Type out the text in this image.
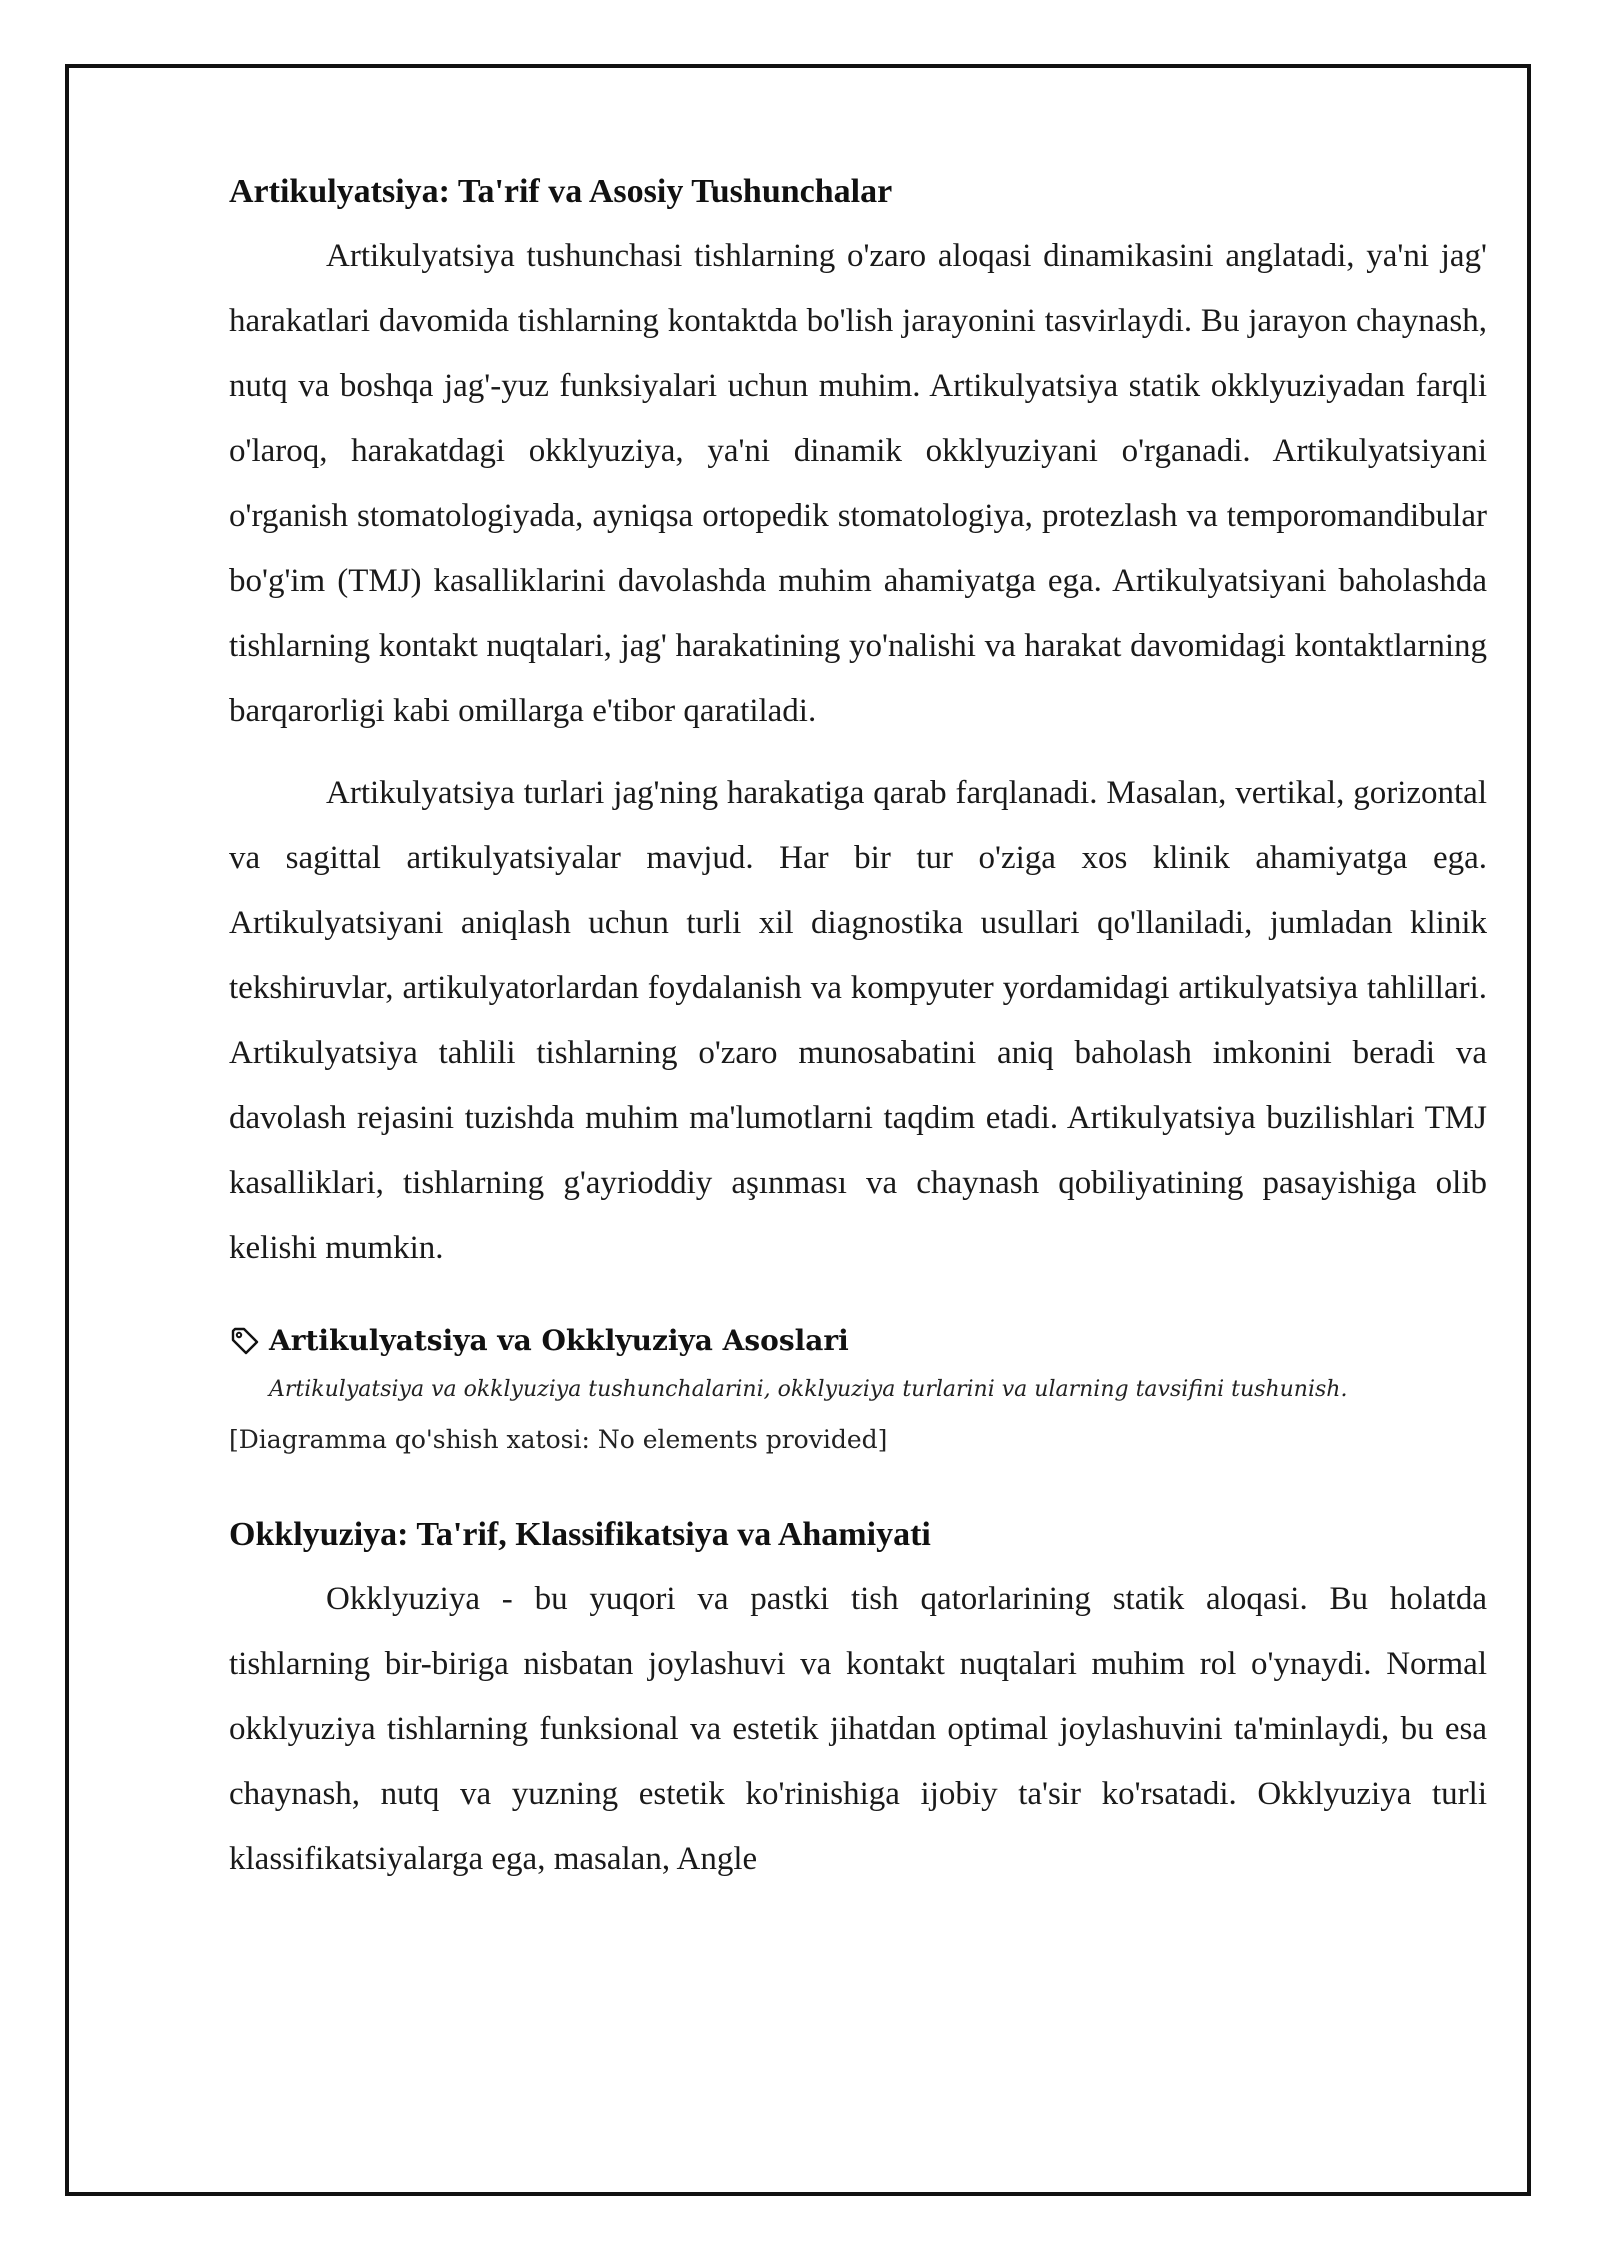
Artikulyatsiya: Ta'rif va Asosiy Tushunchalar

Artikulyatsiya tushunchasi tishlarning o'zaro aloqasi dinamikasini anglatadi, ya'ni jag' harakatlari davomida tishlarning kontaktda bo'lish jarayonini tasvirlaydi. Bu jarayon chaynash, nutq va boshqa jag'-yuz funksiyalari uchun muhim. Artikulyatsiya statik okklyuziyadan farqli o'laroq, harakatdagi okklyuziya, ya'ni dinamik okklyuziyani o'rganadi. Artikulyatsiyani o'rganish stomatologiyada, ayniqsa ortopedik stomatologiya, protezlash va temporomandibular bo'g'im (TMJ) kasalliklarini davolashda muhim ahamiyatga ega. Artikulyatsiyani baholashda tishlarning kontakt nuqtalari, jag' harakatining yo'nalishi va harakat davomidagi kontaktlarning barqarorligi kabi omillarga e'tibor qaratiladi.

Artikulyatsiya turlari jag'ning harakatiga qarab farqlanadi. Masalan, vertikal, gorizontal va sagittal artikulyatsiyalar mavjud. Har bir tur o'ziga xos klinik ahamiyatga ega. Artikulyatsiyani aniqlash uchun turli xil diagnostika usullari qo'llaniladi, jumladan klinik tekshiruvlar, artikulyatorlardan foydalanish va kompyuter yordamidagi artikulyatsiya tahlillari. Artikulyatsiya tahlili tishlarning o'zaro munosabatini aniq baholash imkonini beradi va davolash rejasini tuzishda muhim ma'lumotlarni taqdim etadi. Artikulyatsiya buzilishlari TMJ kasalliklari, tishlarning g'ayrioddiy aşınması va chaynash qobiliyatining pasayishiga olib kelishi mumkin.

Artikulyatsiya va Okklyuziya Asoslari
Artikulyatsiya va okklyuziya tushunchalarini, okklyuziya turlarini va ularning tavsifini tushunish.
[Diagramma qo'shish xatosi: No elements provided]
Okklyuziya: Ta'rif, Klassifikatsiya va Ahamiyati

Okklyuziya - bu yuqori va pastki tish qatorlarining statik aloqasi. Bu holatda tishlarning bir-biriga nisbatan joylashuvi va kontakt nuqtalari muhim rol o'ynaydi. Normal okklyuziya tishlarning funksional va estetik jihatdan optimal joylashuvini ta'minlaydi, bu esa chaynash, nutq va yuzning estetik ko'rinishiga ijobiy ta'sir ko'rsatadi. Okklyuziya turli klassifikatsiyalarga ega, masalan, Angle
